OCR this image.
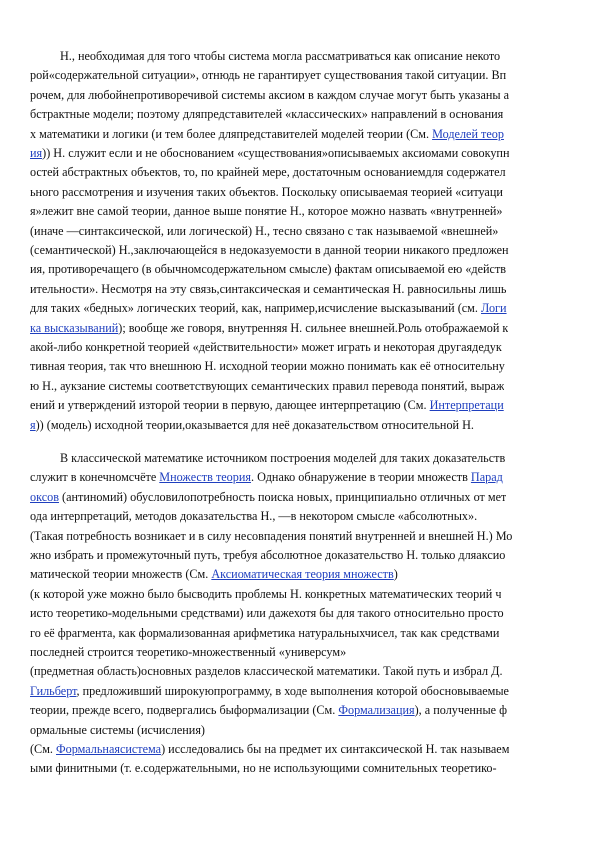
Н., необходимая для того чтобы система могла рассматриваться как описание некото
рой«содержательной ситуации», отнюдь не гарантирует существования такой ситуации. Вп
рочем, для любойнепротиворечивой системы аксиом в каждом случае могут быть указаны а
бстрактные модели; поэтому дляпредставителей «классических» направлений в основания
х математики и логики (и тем более дляпредставителей моделей теории (См. Моделей теор
ия)) Н. служит если и не обоснованием «существования»описываемых аксиомами совокупн
остей абстрактных объектов, то, по крайней мере, достаточным основаниемдля содержател
ьного рассмотрения и изучения таких объектов. Поскольку описываемая теорией «ситуаци
я»лежит вне самой теории, данное выше понятие Н., которое можно назвать «внутренней»
(иначе —синтаксической, или логической) Н., тесно связано с так называемой «внешней»
(семантической) Н.,заключающейся в недоказуемости в данной теории никакого предложен
ия, противоречащего (в обычномсодержательном смысле) фактам описываемой ею «действ
ительности». Несмотря на эту связь,синтаксическая и семантическая Н. равносильны лишь
для таких «бедных» логических теорий, как, например,исчисление высказываний (см. Логи
ка высказываний); вообще же говоря, внутренняя Н. сильнее внешней.Роль отображаемой к
акой-либо конкретной теорией «действительности» может играть и некоторая другаядедук
тивная теория, так что внешнюю Н. исходной теории можно понимать как её относительну
ю Н., аукзание системы соответствующих семантических правил перевода понятий, выраж
ений и утверждений изторой теории в первую, дающее интерпретацию (См. Интерпретаци
я)) (модель) исходной теории,оказывается для неё доказательством относительной Н.
В классической математике источником построения моделей для таких доказательств
служит в конечномсчёте Множеств теория. Однако обнаружение в теории множеств Парад
оксов (антиномий) обусловилопотребность поиска новых, принципиально отличных от мет
ода интерпретаций, методов доказательства Н., —в некотором смысле «абсолютных».
(Такая потребность возникает и в силу несовпадения понятий внутренней и внешней Н.) Мо
жно избрать и промежуточный путь, требуя абсолютное доказательство Н. только дляаксио
матической теории множеств (См. Аксиоматическая теория множеств)
(к которой уже можно было бысводить проблемы Н. конкретных математических теорий ч
исто теоретико-модельными средствами) или дажехотя бы для такого относительно просто
го её фрагмента, как формализованная арифметика натуральныхчисел, так как средствами
последней строится теоретико-множественный «универсум»
(предметная область)основных разделов классической математики. Такой путь и избрал Д.
Гильберт, предложивший широкуюпрограмму, в ходе выполнения которой обосновываемые
теории, прежде всего, подвергались быформализации (См. Формализация), а полученные ф
ормальные системы (исчисления)
(См. Формальнаясистема) исследовались бы на предмет их синтаксической Н. так называем
ыми финитными (т. е.содержательными, но не использующими сомнительных теоретико-
